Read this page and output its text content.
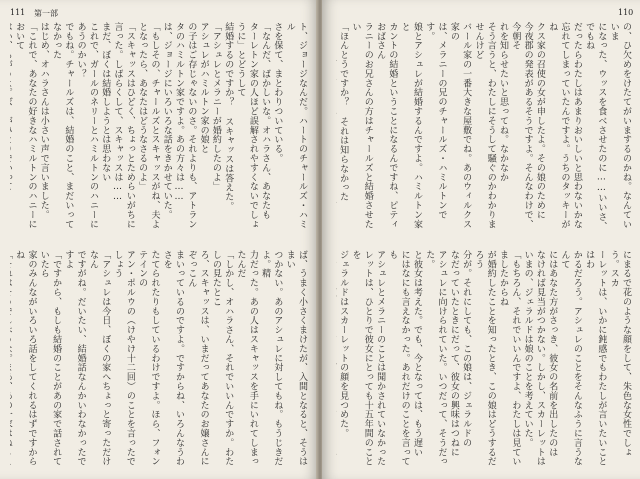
111 第一部
ト、ジョージなんだ。ハートのチャールズ・ハミル
さを保て、まとわりついている。
「なんだ、ばかしいな。オハラさん、あなたも
ターレトン家の人ほど誤解されやすくないでしょうに」とどうして
結婚するのですか？ スキャッスは答えた。
「アシュレとメラニーが婚約したのよ」
アシュレがハミルトン家の娘と
の子はご存じゃないのさ。それよりも、アトラン
タのハミルトン家ですよ。あの方々は……
は、ジョージにいろいろな話をきかせていた。
「もしその、チャールズとスキャッスがね、夫よ
となったら、あなたはどうなさるのよ」
「スキャッスはひどく、ちょっとためらいがちに
言った。しばらくして、スキャッスは……
まだ、ぼくは結婚しようとは思わない
これで、ガールのネリーとハミルトンのハニーにあうのかい？
でもね。チャールズは、結婚のこと、まだいってなかった
はじめ、オハラさんは小さい声で言いました。
「これで、あなたの好きなハミルトンのハニーにおいて
ば、うまく小さくまけたが、入間となると、そうはまい
つかない。あのアシュレに対してもね。もうじきだよ。精
力だった。あの人はスキャッスを手にいれてしまったんだ
「しかし、オハラさん、それでいいんですか。わたしの見たとこ
ろ、スキャッスは、いまだってあなたのお嬢さんにぞっこん
まいっているのですよ。ですからね、いろんなうわさを
たてられたりもしているわけですよ。ほら、フォンテインの
アン・ポルウの（けやけ十二回）のことを言ったでしょう
「アシュレは今日、ぼくの家へちょっと寄っただけなん
ですがね。だいたい、結婚話なんかいわなかったですよ
「ですから、もしも結婚のことがあの家で話されていたら
家のみんながいろいろ話をしてくれるはずですからね
110
の、ひ欠めをけたてがいまするのかね。なんていいま
になった、ウッスを食べさせたのに……いいさ、でもね
だったらわたしはあまりおいしいと思わないかな
忘れてしまっていたんですよ。うちのタッキーがね
クス家の召使の女が申したよ。その娘のために
今夜郡の発表があるそうですよ。そんなわけで、今朝そ
れを知らせたいと思ってね。なかなか
そう言うと、わたしにそうして騒ぐのかわかりませんけど
バール家の一番大きな屋敷でね。あのウィルクス家の
は、メラニーの兄のチャールズ・ハミルトンです。
娘とアシュレが結婚するんですよ。ハミルトン家と
カントの結婚ということになるんですね、ピティおばさん
ラニーのお兄さんの方はチャールズと結婚させたい
「ほんとうですか？ それは知らなかった
にまるで花のような顔をして、朱色な女性でしょう。スカ
ーレットは、いかに鈍感でもわたしが言いたいことはわ
かるだろう。アシュレのことをそんなふうに言うなんて
にはあなた方がさっき、彼女の名前を出したのは
なければ見当がつかない。しかし、スカーレットは
いまの、ジェラルドは娘のことを考えていた。
「もちろん、それでいいんですよ、わたしは見ていましたからね
が婚約したことを知ったとき、この娘はどうするだろう
分が。それにしても、この娘は、ジェラルドの
なだっていたときにだって、彼女の興味はつねに
アシュレに向けられていた。いつだって、そうだった。
と彼女は考えた。でも、今となっては、もう遅い
にはなにも言えなかった。あれだけのことを言っても
アシュレとメラニーのことは聞かされていなかった
レットは、ひとりで彼女にとっても十五年間のことを
ジェラルドはスカーレットの顔を見つめた。
